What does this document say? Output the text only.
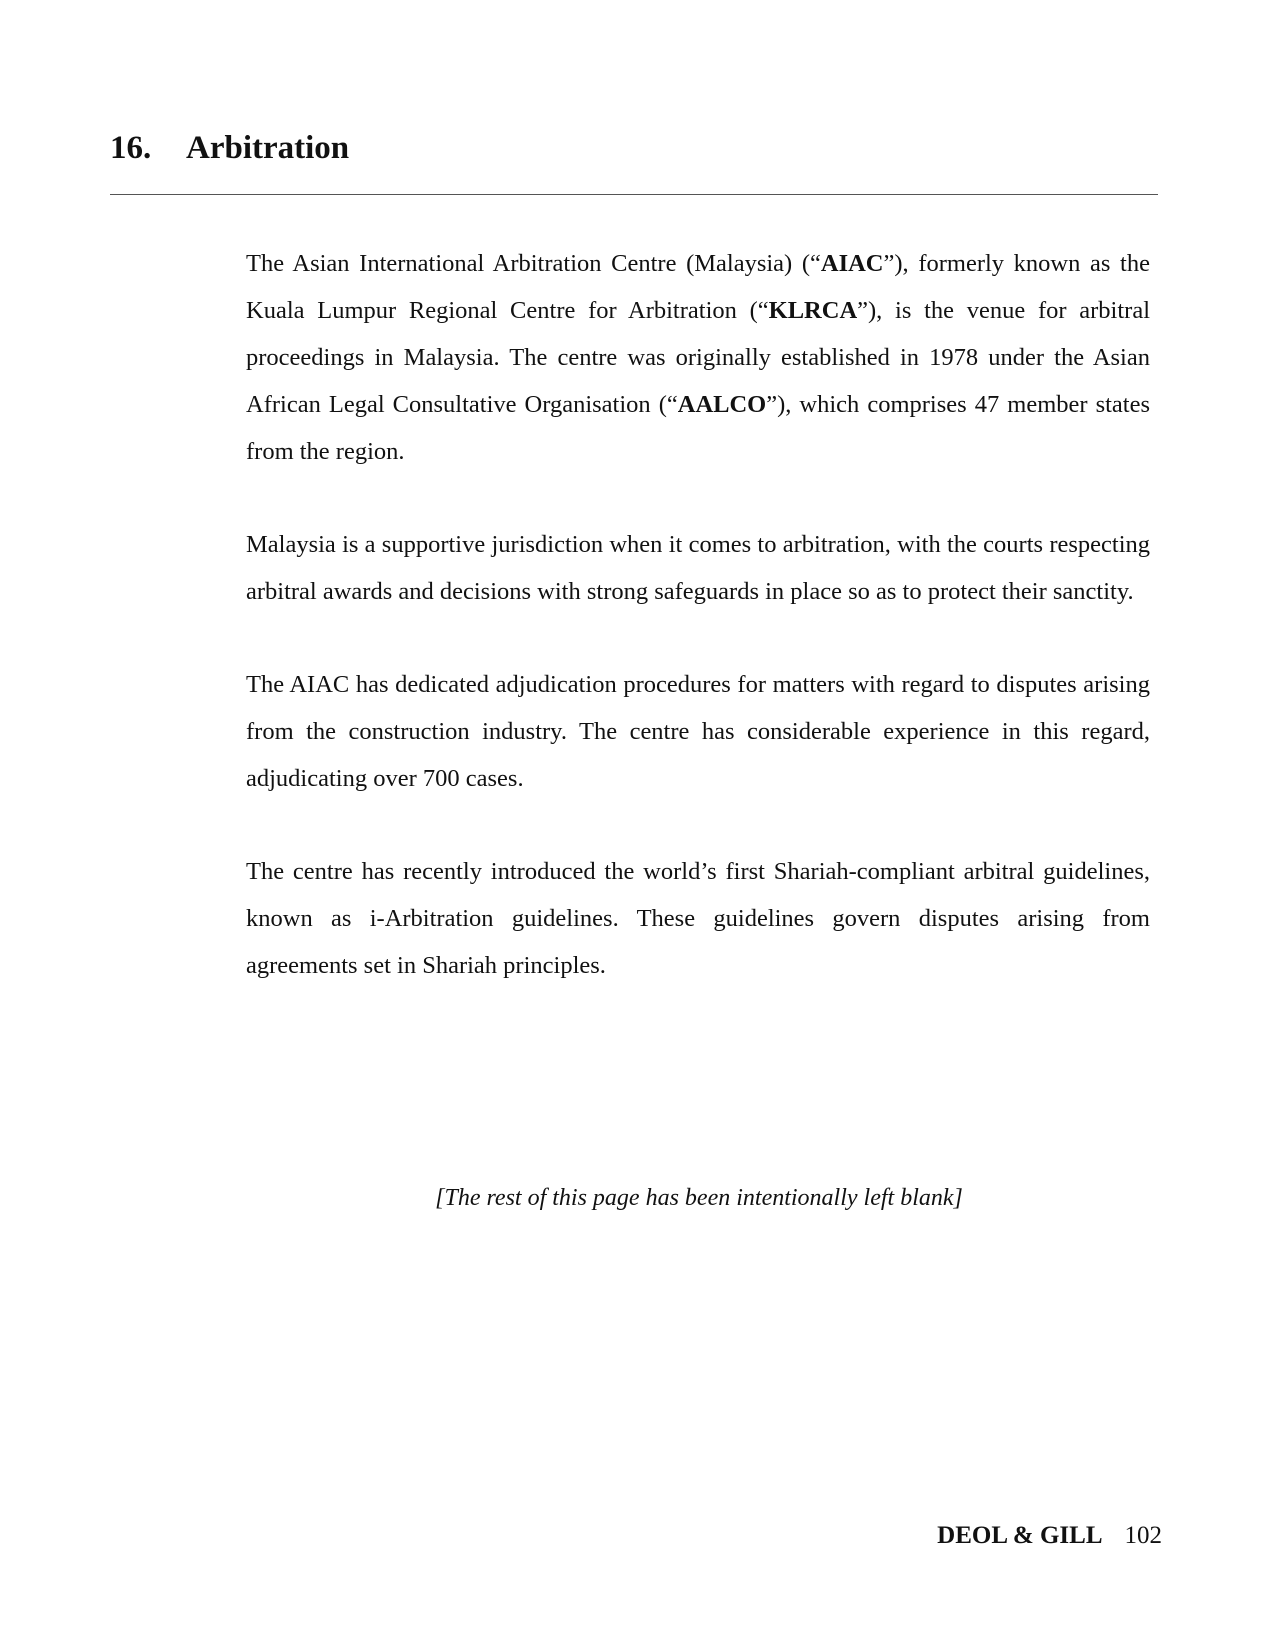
16. Arbitration

The Asian International Arbitration Centre (Malaysia) (“AIAC”), formerly known as the Kuala Lumpur Regional Centre for Arbitration (“KLRCA”), is the venue for arbitral proceedings in Malaysia. The centre was originally established in 1978 under the Asian African Legal Consultative Organisation (“AALCO”), which comprises 47 member states from the region.

Malaysia is a supportive jurisdiction when it comes to arbitration, with the courts respecting arbitral awards and decisions with strong safeguards in place so as to protect their sanctity.

The AIAC has dedicated adjudication procedures for matters with regard to disputes arising from the construction industry. The centre has considerable experience in this regard, adjudicating over 700 cases.

The centre has recently introduced the world’s first Shariah-compliant arbitral guidelines, known as i-Arbitration guidelines. These guidelines govern disputes arising from agreements set in Shariah principles.

[The rest of this page has been intentionally left blank]
DEOL & GILL 102
